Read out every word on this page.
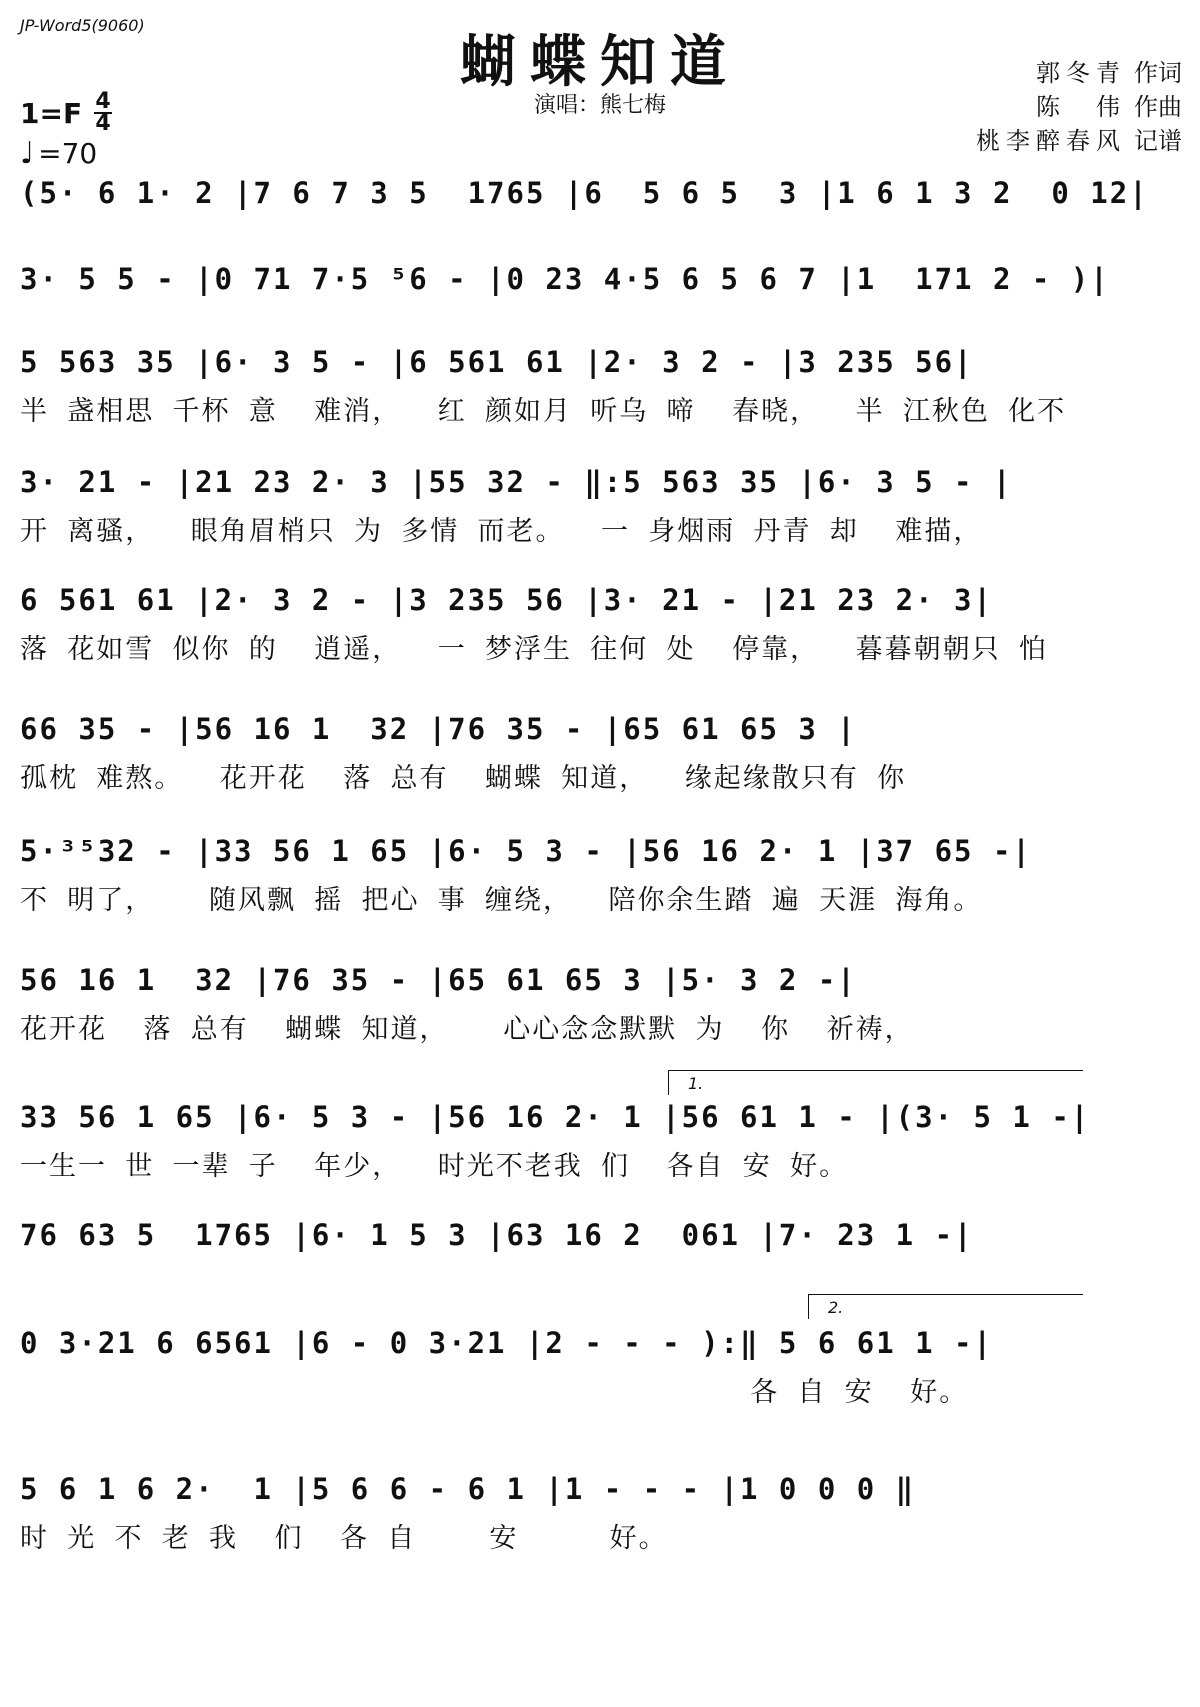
JP-Word5(9060)
蝴蝶知道
演唱：熊七梅
1=F 4
4
♩ =70
郭冬青 作词
陈　伟 作曲
桃李醉春风 记谱
(5· 6 1· 2 |7 6 7 3 5  1765 |6  5 6 5  3 |1 6 1 3 2  0 12|
3· 5 5 - |0 71 7·5 ⁵6 - |0 23 4·5 6 5 6 7 |1  171 2 - )|
5 563 35 |6· 3 5 - |6 561 61 |2· 3 2 - |3 235 56|
半 盏相思 千杯 意  难消，  红 颜如月 听乌 啼  春晓，  半 江秋色 化不
3· 21 - |21 23 2· 3 |55 32 - ‖:5 563 35 |6· 3 5 - |
开 离骚，  眼角眉梢只 为 多情 而老。  一 身烟雨 丹青 却  难描，
6 561 61 |2· 3 2 - |3 235 56 |3· 21 - |21 23 2· 3|
落 花如雪 似你 的  逍遥，  一 梦浮生 往何 处  停靠，  暮暮朝朝只 怕
66 35 - |56 16 1  32 |76 35 - |65 61 65 3 |
孤枕 难熬。  花开花  落 总有  蝴蝶 知道，  缘起缘散只有 你
5·³⁵32 - |33 56 1 65 |6· 5 3 - |56 16 2· 1 |37 65 -|
不 明了，   随风飘 摇 把心 事 缠绕，  陪你余生踏 遍 天涯 海角。
56 16 1  32 |76 35 - |65 61 65 3 |5· 3 2 -|
花开花  落 总有  蝴蝶 知道，   心心念念默默 为  你  祈祷，
33 56 1 65 |6· 5 3 - |56 16 2· 1 |56 61 1 - |(3· 5 1 -|
一生一 世 一辈 子  年少，  时光不老我 们  各自 安 好。
76 63 5  1765 |6· 1 5 3 |63 16 2  061 |7· 23 1 -|
0 3·21 6 6561 |6 - 0 3·21 |2 - - - ):‖ 5 6 61 1 -|
各 自 安  好。
5 6 1 6 2·  1 |5 6 6 - 6 1 |1 - - - |1 0 0 0 ‖
时 光 不 老 我  们  各 自    安     好。
1.
2.
